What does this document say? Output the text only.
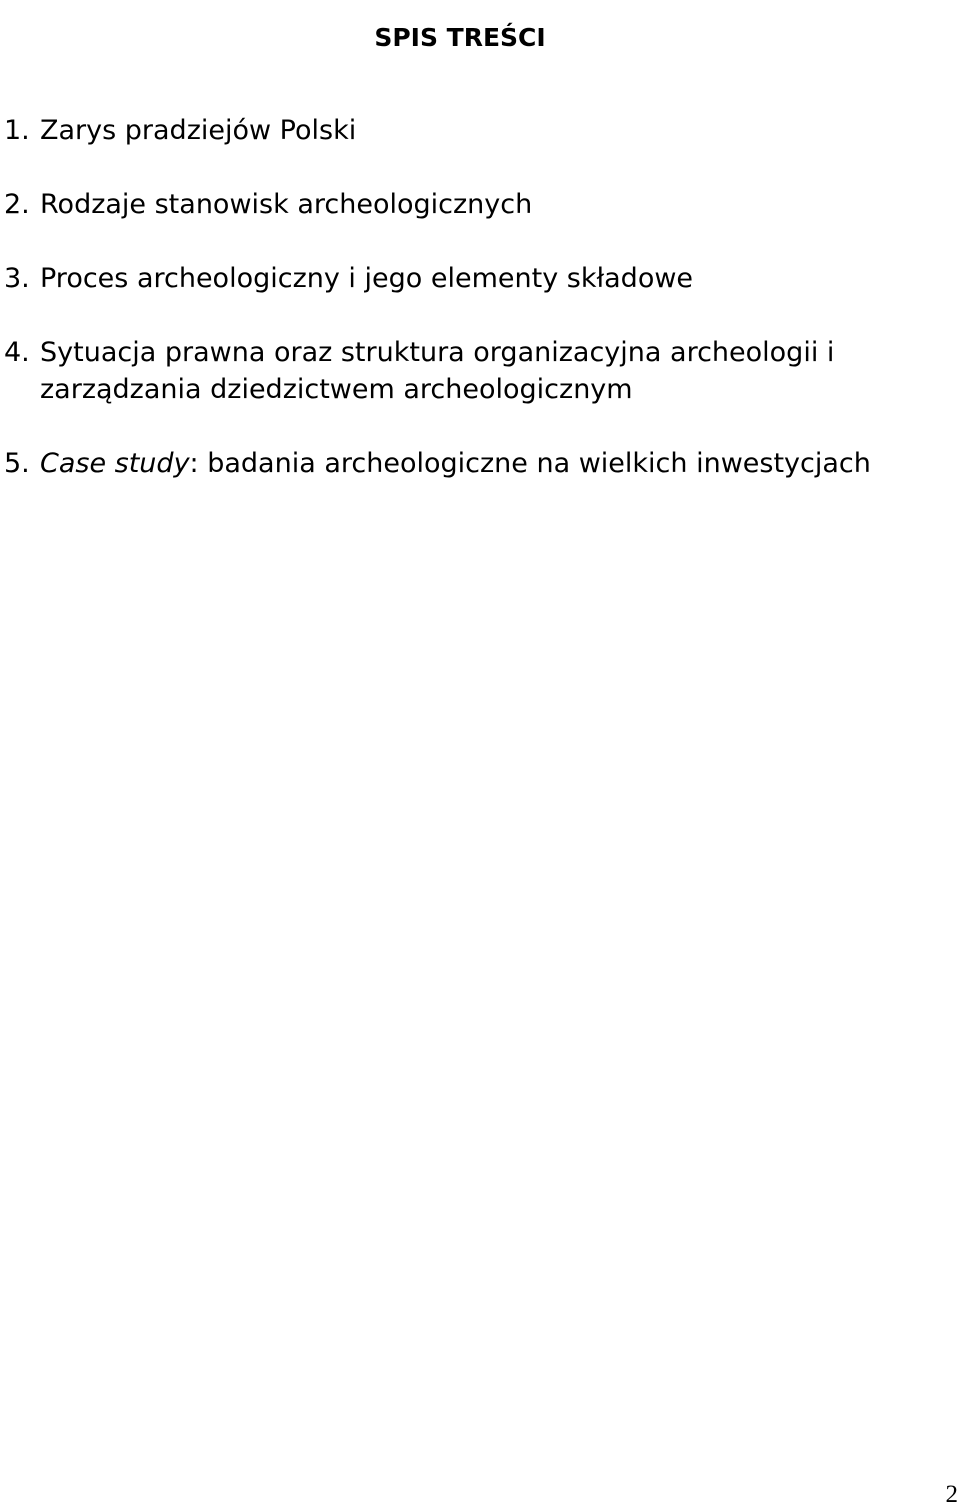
SPIS TREŚCI
1. Zarys pradziejów Polski
2. Rodzaje stanowisk archeologicznych
3. Proces archeologiczny i jego elementy składowe
4. Sytuacja prawna oraz struktura organizacyjna archeologii i
zarządzania dziedzictwem archeologicznym
5. Case study: badania archeologiczne na wielkich inwestycjach
2
